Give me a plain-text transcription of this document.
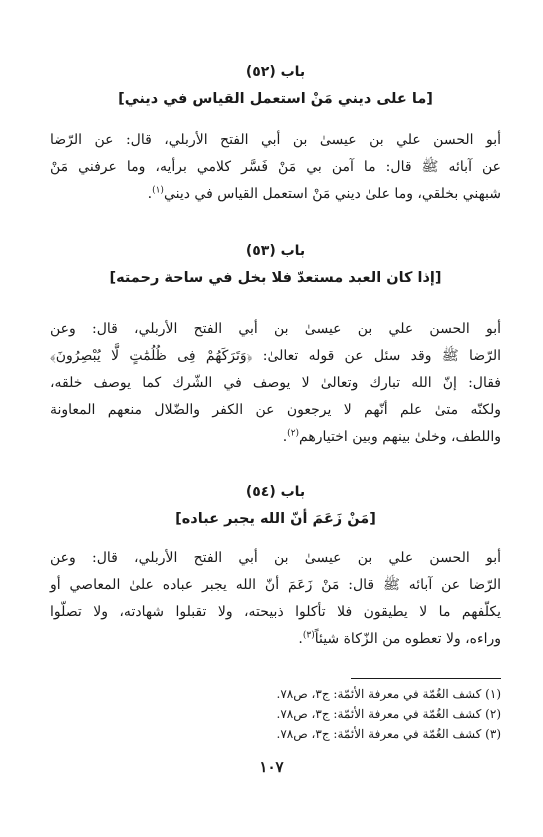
باب (٥٢)

[ما على ديني مَنْ استعمل القياس في ديني]

أبو الحسن علي بن عيسىٰ بن أبي الفتح الأربلي، قال: عن الرّضا
عن آبائه ﷺ قال: ما آمن بي مَنْ فَسَّر كلامي برأيه، وما عرفني مَنْ
شبهني بخلقي، وما علىٰ ديني مَنْ استعمل القياس في ديني$^{(١)}$.

باب (٥٣)

[إذا كان العبد مستعدّ فلا بخل في ساحة رحمته]

أبو الحسن علي بن عيسىٰ بن أبي الفتح الأربلي، قال: وعن
الرّضا ﷺ وقد سئل عن قوله تعالىٰ: ﴿وَتَرَكَهُمْ فِى ظُلُمَٰتٍ لَّا يُبْصِرُونَ﴾
فقال: إنّ الله تبارك وتعالىٰ لا يوصف في الشّرك كما يوصف خلقه،
ولكنّه متىٰ علم أنّهم لا يرجعون عن الكفر والضّلال منعهم المعاونة
واللطف، وخلىٰ بينهم وبين اختيارهم$^{(٢)}$.

باب (٥٤)

[مَنْ زَعَمَ أنّ الله يجبر عباده]

أبو الحسن علي بن عيسىٰ بن أبي الفتح الأربلي، قال: وعن
الرّضا عن آبائه ﷺ قال: مَنْ زَعَمَ أنّ الله يجبر عباده علىٰ المعاصي أو
يكلّفهم ما لا يطيقون فلا تأكلوا ذبيحته، ولا تقبلوا شهادته، ولا تصلّوا
وراءه، ولا تعطوه من الزّكاة شيئاً$^{(٣)}$.

(١) كشف الغُمّة في معرفة الأئمّة: ج٣، ص٧٨.
(٢) كشف الغُمّة في معرفة الأئمّة: ج٣، ص٧٨.
(٣) كشف الغُمّة في معرفة الأئمّة: ج٣، ص٧٨.
١٠٧
